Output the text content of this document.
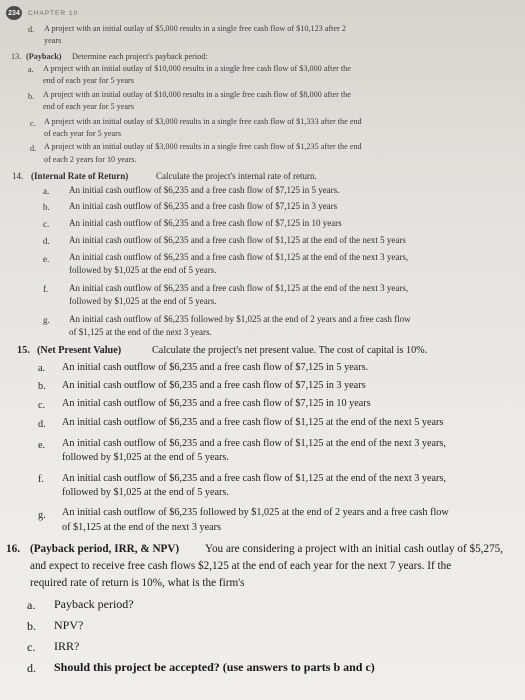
234	CHAPTER 10
d. A project with an initial outlay of $5,000 results in a single free cash flow of $10,123 after 2
years
13. (Payback) Determine each project's payback period:
a. A project with an initial outlay of $10,000 results in a single free cash flow of $3,000 after the
end of each year for 5 years
b. A project with an initial outlay of $10,000 results in a single free cash flow of $8,000 after the
end of each year for 5 years
c. A project with an initial outlay of $3,000 results in a single free cash flow of $1,333 after the end
of each year for 5 years
d. A project with an initial outlay of $3,000 results in a single free cash flow of $1,235 after the end
of each 2 years for 10 years.
14. (Internal Rate of Return)	Calculate the project's internal rate of return.
a. An initial cash outflow of $6,235 and a free cash flow of $7,125 in 5 years.
b. An initial cash outflow of $6,235 and a free cash flow of $7,125 in 3 years
c. An initial cash outflow of $6,235 and a free cash flow of $7,125 in 10 years
d. An initial cash outflow of $6,235 and a free cash flow of $1,125 at the end of the next 5 years
e. An initial cash outflow of $6,235 and a free cash flow of $1,125 at the end of the next 3 years,
followed by $1,025 at the end of 5 years.
f. An initial cash outflow of $6,235 and a free cash flow of $1,125 at the end of the next 3 years,
followed by $1,025 at the end of 5 years.
g. An initial cash outflow of $6,235 followed by $1,025 at the end of 2 years and a free cash flow
of $1,125 at the end of the next 3 years.
15. (Net Present Value)	Calculate the project's net present value. The cost of capital is 10%.
a. An initial cash outflow of $6,235 and a free cash flow of $7,125 in 5 years.
b. An initial cash outflow of $6,235 and a free cash flow of $7,125 in 3 years
c. An initial cash outflow of $6,235 and a free cash flow of $7,125 in 10 years
d. An initial cash outflow of $6,235 and a free cash flow of $1,125 at the end of the next 5 years
e. An initial cash outflow of $6,235 and a free cash flow of $1,125 at the end of the next 3 years,
followed by $1,025 at the end of 5 years.
f. An initial cash outflow of $6,235 and a free cash flow of $1,125 at the end of the next 3 years,
followed by $1,025 at the end of 5 years.
g. An initial cash outflow of $6,235 followed by $1,025 at the end of 2 years and a free cash flow
of $1,125 at the end of the next 3 years
16. (Payback period, IRR, & NPV) You are considering a project with an initial cash outlay of $5,275,
and expect to receive free cash flows $2,125 at the end of each year for the next 7 years. If the
required rate of return is 10%, what is the firm's
a. Payback period?
b. NPV?
c. IRR?
d. Should this project be accepted? (use answers to parts b and c)
